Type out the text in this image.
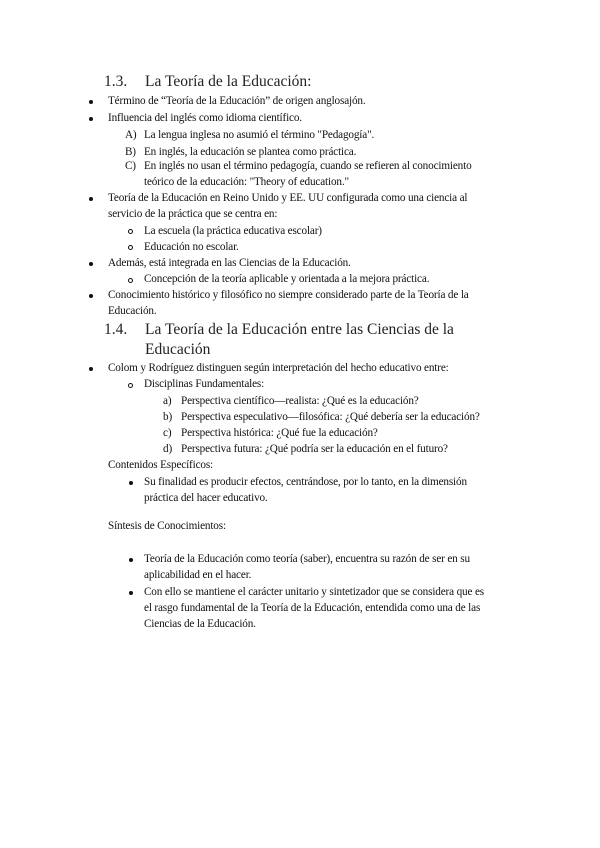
1.3. La Teoría de la Educación:
Término de “Teoría de la Educación” de origen anglosajón.
Influencia del inglés como idioma científico.
A) La lengua inglesa no asumió el término "Pedagogía".
B) En inglés, la educación se plantea como práctica.
C) En inglés no usan el término pedagogía, cuando se refieren al conocimiento
teórico de la educación: "Theory of education."
Teoría de la Educación en Reino Unido y EE. UU configurada como una ciencia al
servicio de la práctica que se centra en:
La escuela (la práctica educativa escolar)
Educación no escolar.
Además, está integrada en las Ciencias de la Educación.
Concepción de la teoría aplicable y orientada a la mejora práctica.
Conocimiento histórico y filosófico no siempre considerado parte de la Teoría de la
Educación.
1.4. La Teoría de la Educación entre las Ciencias de la
Educación
Colom y Rodríguez distinguen según interpretación del hecho educativo entre:
Disciplinas Fundamentales:
a) Perspectiva científico—realista: ¿Qué es la educación?
b) Perspectiva especulativo—filosófica: ¿Qué debería ser la educación?
c) Perspectiva histórica: ¿Qué fue la educación?
d) Perspectiva futura: ¿Qué podría ser la educación en el futuro?
Contenidos Específicos:
Su finalidad es producir efectos, centrándose, por lo tanto, en la dimensión
práctica del hacer educativo.
Síntesis de Conocimientos:
Teoría de la Educación como teoría (saber), encuentra su razón de ser en su
aplicabilidad en el hacer.
Con ello se mantiene el carácter unitario y sintetizador que se considera que es
el rasgo fundamental de la Teoría de la Educación, entendida como una de las
Ciencias de la Educación.
